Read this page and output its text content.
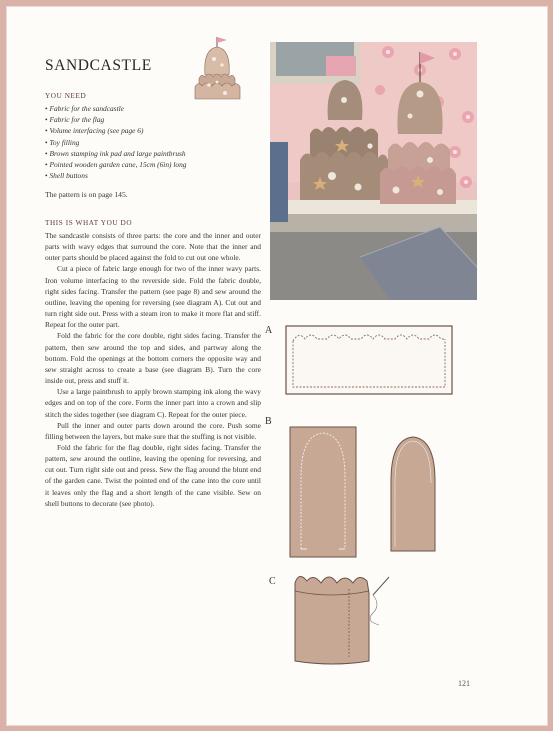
SANDCASTLE
YOU NEED
• Fabric for the sandcastle
• Fabric for the flag
• Volume interfacing (see page 6)
• Toy filling
• Brown stamping ink pad and large paintbrush
• Pointed wooden garden cane, 15cm (6in) long
• Shell buttons
The pattern is on page 145.
THIS IS WHAT YOU DO

The sandcastle consists of three parts: the core and the inner and outer parts with wavy edges that surround the core. Note that the inner and outer parts should be placed against the fold to cut out one whole.

Cut a piece of fabric large enough for two of the inner wavy parts. Iron volume interfacing to the reverside side. Fold the fabric double, right sides facing. Transfer the pattern (see page 8) and sew around the outline, leaving the opening for reversing (see diagram A). Cut out and turn right side out. Press with a steam iron to make it more flat and stiff. Repeat for the outer part.

Fold the fabric for the core double, right sides facing. Transfer the pattern, then sew around the top and sides, and partway along the bottom. Fold the openings at the bottom corners the opposite way and sew straight across to create a base (see diagram B). Turn the core inside out, press and stuff it.

Use a large paintbrush to apply brown stamping ink along the wavy edges and on top of the core. Form the inner part into a crown and slip stitch the sides together (see diagram C). Repeat for the outer piece.

Pull the inner and outer parts down around the core. Push some filling between the layers, but make sure that the stuffing is not visible.

Fold the fabric for the flag double, right sides facing. Transfer the pattern, sew around the outline, leaving the opening for reversing, and cut out. Turn right side out and press. Sew the flag around the blunt end of the garden cane. Twist the pointed end of the cane into the core until it leaves only the flag and a short length of the cane visible. Sew on shell buttons to decorate (see photo).

A
B
C
121
